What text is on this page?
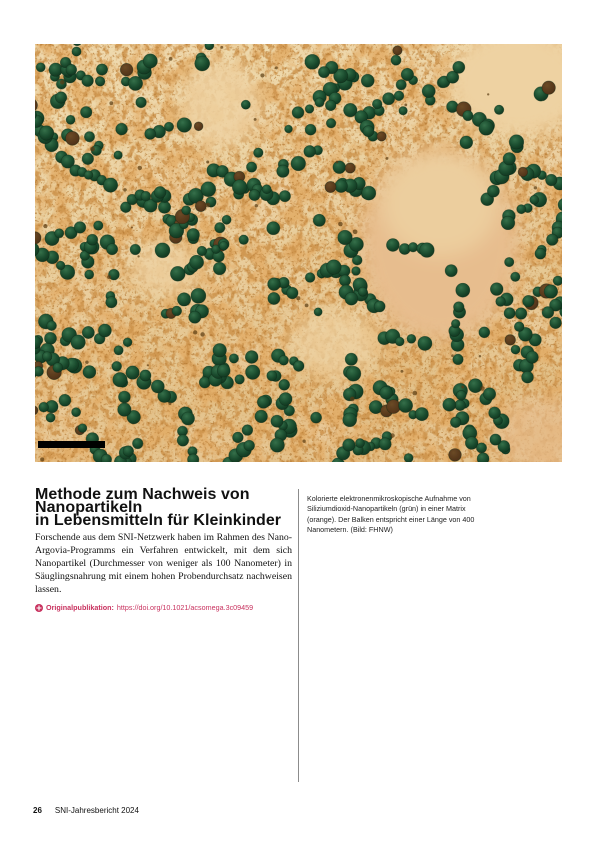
Methode zum Nachweis von Nanopartikeln
in Lebensmitteln für Kleinkinder

Forschende aus dem SNI-Netzwerk haben im Rahmen des Nano-Argovia-Programms ein Verfahren entwickelt, mit dem sich Nanopartikel (Durchmesser von weniger als 100 Nanometer) in Säuglingsnahrung mit einem hohen Probendurchsatz nachweisen lassen.

Originalpublikation: https://doi.org/10.1021/acsomega.3c09459

Kolorierte elektronenmikroskopische Aufnahme von Siliziumdioxid-Nanopartikeln (grün) in einer Matrix (orange). Der Balken entspricht einer Länge von 400 Nanometern. (Bild: FHNW)

26 SNI-Jahresbericht 2024
